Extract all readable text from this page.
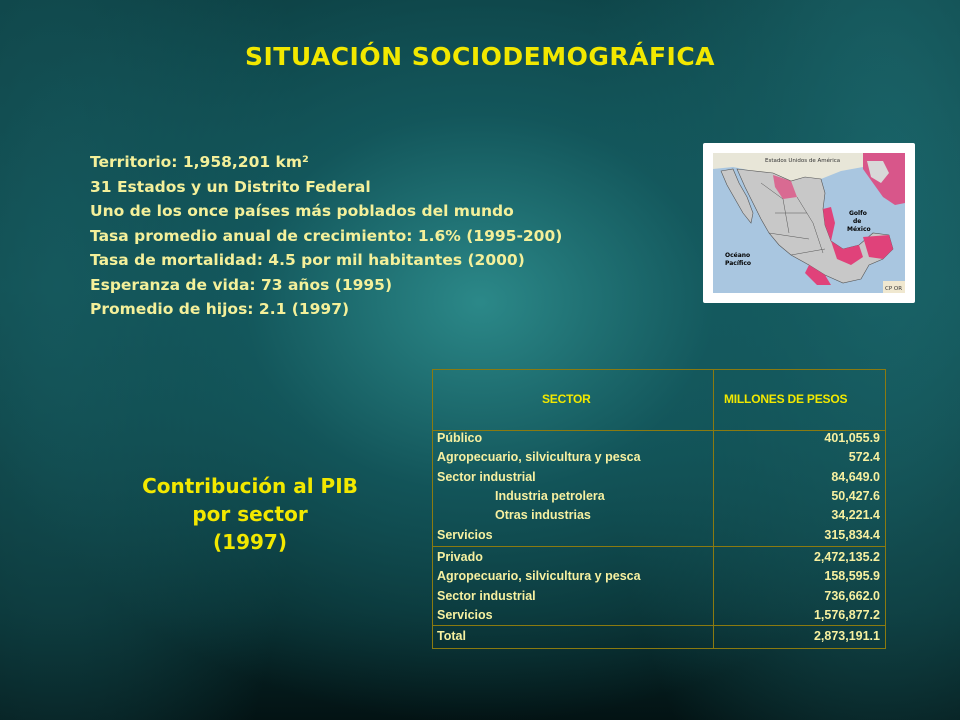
SITUACIÓN SOCIODEMOGRÁFICA
Territorio: 1,958,201 km²
31 Estados y un Distrito Federal
Uno de los once países más poblados del mundo
Tasa promedio anual de crecimiento: 1.6% (1995-200)
Tasa de mortalidad: 4.5 por mil habitantes (2000)
Esperanza de vida: 73 años (1995)
Promedio de hijos: 2.1 (1997)
Estados Unidos de América
Golfo
de
México
Océano
Pacífico
CP OR
Contribución al PIB
por sector
(1997)
SECTOR	MILLONES DE PESOS
Público	401,055.9
Agropecuario, silvicultura y pesca	572.4
Sector industrial	84,649.0
Industria petrolera	50,427.6
Otras industrias	34,221.4
Servicios	315,834.4
Privado	2,472,135.2
Agropecuario, silvicultura y pesca	158,595.9
Sector industrial	736,662.0
Servicios	1,576,877.2
Total	2,873,191.1
